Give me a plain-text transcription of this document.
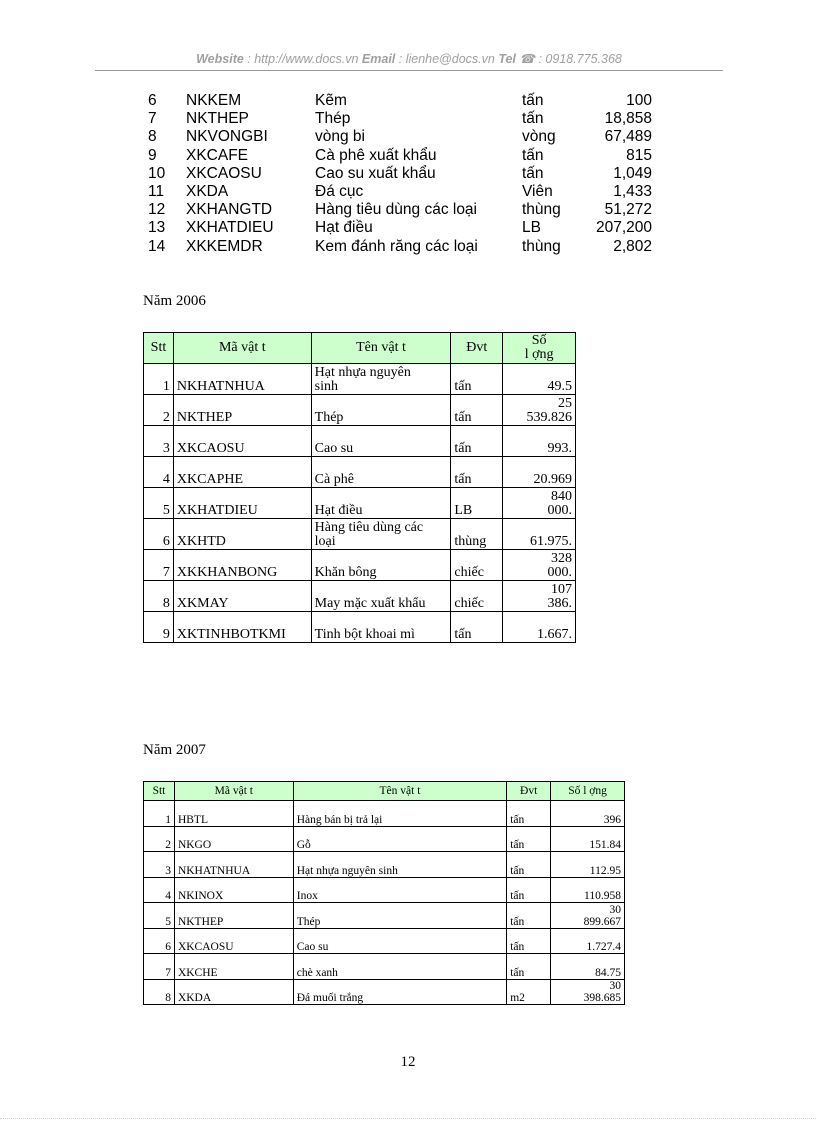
Website : http://www.docs.vn Email : lienhe@docs.vn Tel ☎ : 0918.775.368
6 NKKEM	Kẽm	tấn	100
7 NKTHEP	Thép	tấn	18,858
8 NKVONGBI	vòng bi	vòng	67,489
9 XKCAFE	Cà phê xuất khẩu	tấn	815
10 XKCAOSU	Cao su xuất khẩu	tấn	1,049
11 XKDA	Đá cục	Viên	1,433
12 XKHANGTD	Hàng tiêu dùng các loại	thùng	51,272
13 XKHATDIEU	Hạt điều	LB	207,200
14 XKKEMDR	Kem đánh răng các loại	thùng	2,802
Năm 2006
Stt	Mã vật t	Tên vật t	Đvt	Số
l ợng

1	NKHATNHUA	Hạt nhựa nguyên
sinh	tấn	49.5

2	NKTHEP	Thép	tấn	25
539.826

3	XKCAOSU	Cao su	tấn	993.

4	XKCAPHE	Cà phê	tấn	20.969

5	XKHATDIEU	Hạt điều	LB	840
000.

6	XKHTD	Hàng tiêu dùng các
loại	thùng	61.975.

7	XKKHANBONG	Khăn bông	chiếc	328
000.

8	XKMAY	May mặc xuất khẩu	chiếc	107
386.

9	XKTINHBOTKMI	Tinh bột khoai mì	tấn	1.667.
Năm 2007
Stt	Mã vật t	Tên vật t	Đvt	Số l ợng
1	HBTL	Hàng bán bị trả lại	tấn	396

2	NKGO	Gỗ	tấn	151.84

3	NKHATNHUA	Hạt nhựa nguyên sinh	tấn	112.95

4	NKINOX	Inox	tấn	110.958

5	NKTHEP	Thép	tấn	30
899.667

6	XKCAOSU	Cao su	tấn	1.727.4

7	XKCHE	chè xanh	tấn	84.75

8	XKDA	Đá muối trắng	m2	30
398.685
12
